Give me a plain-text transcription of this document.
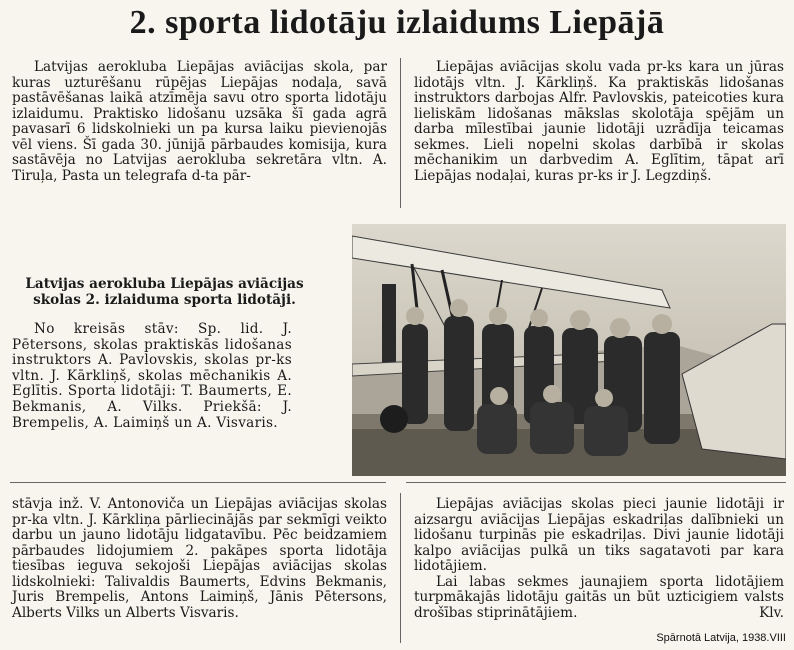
2. sporta lidotāju izlaidums Liepājā

Latvijas aerokluba Liepājas aviācijas skola, par kuras uzturēšanu rūpējas Liepājas nodaļa, savā pastāvēšanas laikā atzīmēja savu otro sporta lidotāju izlaidumu. Praktisko lidošanu uzsāka šī gada agrā pavasarī 6 lidskolnieki un pa kursa laiku pievienojās vēl viens. Šī gada 30. jūnijā pārbaudes komisija, kura sastāvēja no Latvijas aerokluba sekretāra vltn. A. Tiruļa, Pasta un telegrafa d-ta pār-

Liepājas aviācijas skolu vada pr-ks kara un jūras lidotājs vltn. J. Kārkliņš. Ka praktiskās lidošanas instruktors darbojas Alfr. Pavlovskis, pateicoties kura lieliskām lidošanas mākslas skolotāja spējām un darba mīlestībai jaunie lidotāji uzrādīja teicamas sekmes. Lieli nopelni skolas darbībā ir skolas mēchanikim un darbvedim A. Eglītim, tāpat arī Liepājas nodaļai, kuras pr-ks ir J. Legzdiņš.

Latvijas aerokluba Liepājas aviācijas skolas 2. izlaiduma sporta lidotāji.
No kreisās stāv: Sp. lid. J. Pētersons, skolas praktiskās lidošanas instruktors A. Pavlovskis, skolas pr-ks vltn. J. Kārkliņš, skolas mēchanikis A. Eglītis. Sporta lidotāji: T. Baumerts, E. Bekmanis, A. Vilks. Priekšā: J. Brempelis, A. Laimiņš un A. Visvaris.

stāvja inž. V. Antonoviča un Liepājas aviācijas skolas pr-ka vltn. J. Kārkliņa pārliecinājās par sekmīgi veikto darbu un jauno lidotāju lidgatavību. Pēc beidzamiem pārbaudes lidojumiem 2. pakāpes sporta lidotāja tiesības ieguva sekojoši Liepājas aviācijas skolas lidskolnieki: Talivaldis Baumerts, Edvins Bekmanis, Juris Brempelis, Antons Laimiņš, Jānis Pētersons, Alberts Vilks un Alberts Visvaris.

Liepājas aviācijas skolas pieci jaunie lidotāji ir aizsargu aviācijas Liepājas eskadriļas dalībnieki un lidošanu turpinās pie eskadriļas. Divi jaunie lidotāji kalpo aviācijas pulkā un tiks sagatavoti par kara lidotājiem.

Lai labas sekmes jaunajiem sporta lidotājiem turpmākajās lidotāju gaitās un būt uzticigiem valsts drošības stiprinātājiem.	Klv.

Spārnotā Latvija, 1938.VIII
